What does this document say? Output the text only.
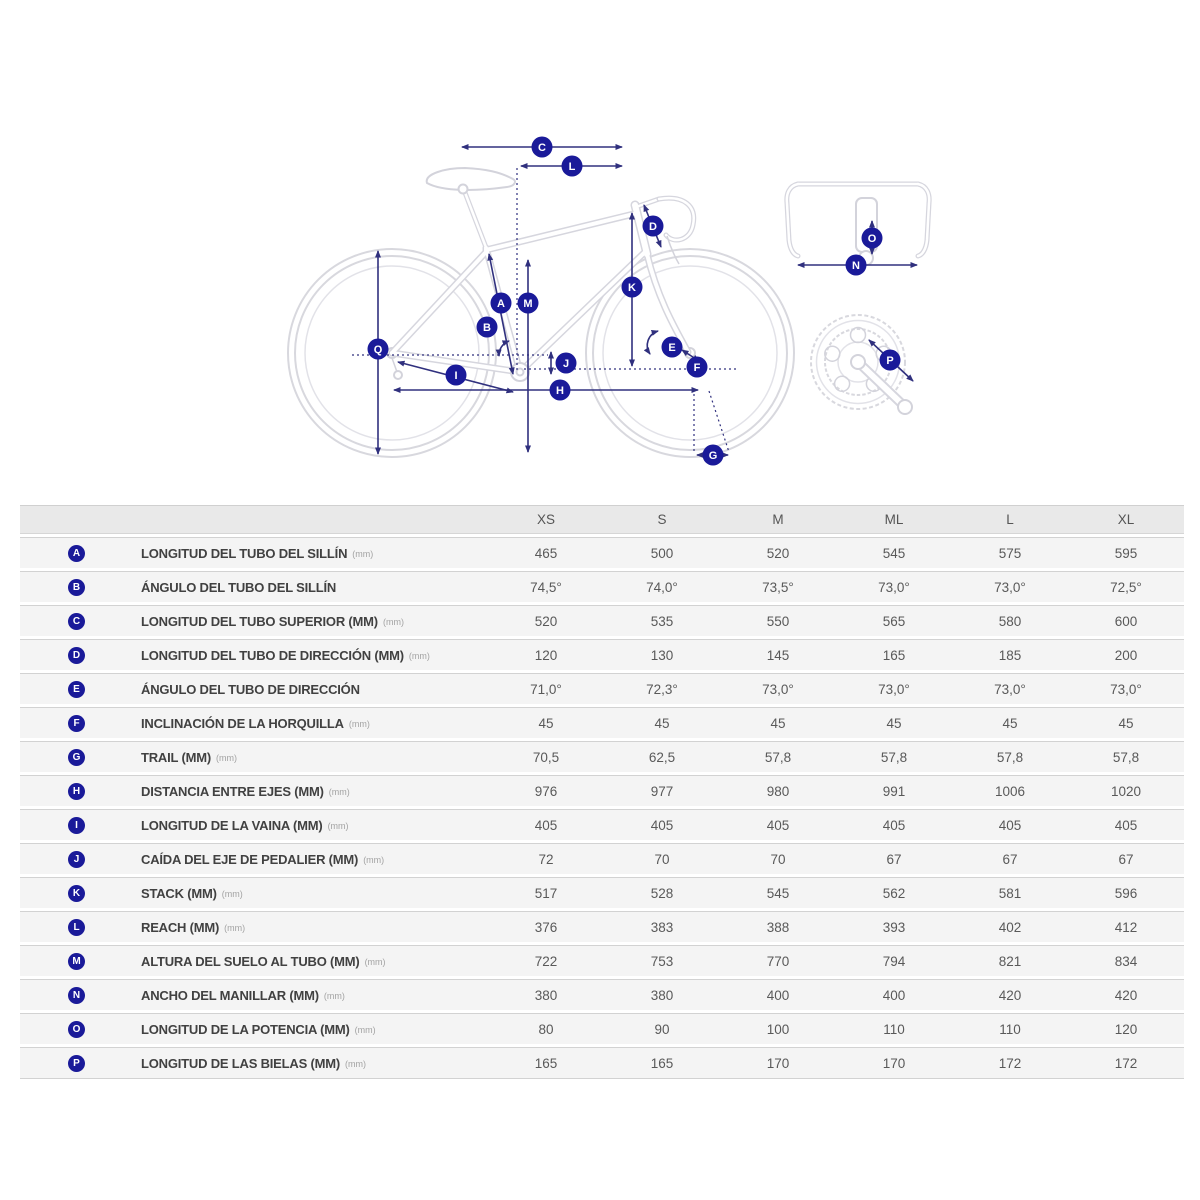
C
L
A M
B
Q
I
J
K
D
E
F
H
G
N
O
P
XS	S	M	ML	L	XL
A	LONGITUD DEL TUBO DEL SILLÍN (mm)	465	500	520	545	575	595
B	ÁNGULO DEL TUBO DEL SILLÍN	74,5°	74,0°	73,5°	73,0°	73,0°	72,5°
C	LONGITUD DEL TUBO SUPERIOR (MM) (mm)	520	535	550	565	580	600
D	LONGITUD DEL TUBO DE DIRECCIÓN (MM) (mm)	120	130	145	165	185	200
E	ÁNGULO DEL TUBO DE DIRECCIÓN	71,0°	72,3°	73,0°	73,0°	73,0°	73,0°
F	INCLINACIÓN DE LA HORQUILLA (mm)	45	45	45	45	45	45
G	TRAIL (MM) (mm)	70,5	62,5	57,8	57,8	57,8	57,8
H	DISTANCIA ENTRE EJES (MM) (mm)	976	977	980	991	1006	1020
I	LONGITUD DE LA VAINA (MM) (mm)	405	405	405	405	405	405
J	CAÍDA DEL EJE DE PEDALIER (MM) (mm)	72	70	70	67	67	67
K	STACK (MM) (mm)	517	528	545	562	581	596
L	REACH (MM) (mm)	376	383	388	393	402	412
M	ALTURA DEL SUELO AL TUBO (MM) (mm)	722	753	770	794	821	834
N	ANCHO DEL MANILLAR (MM) (mm)	380	380	400	400	420	420
O	LONGITUD DE LA POTENCIA (MM) (mm)	80	90	100	110	110	120
P	LONGITUD DE LAS BIELAS (MM) (mm)	165	165	170	170	172	172
